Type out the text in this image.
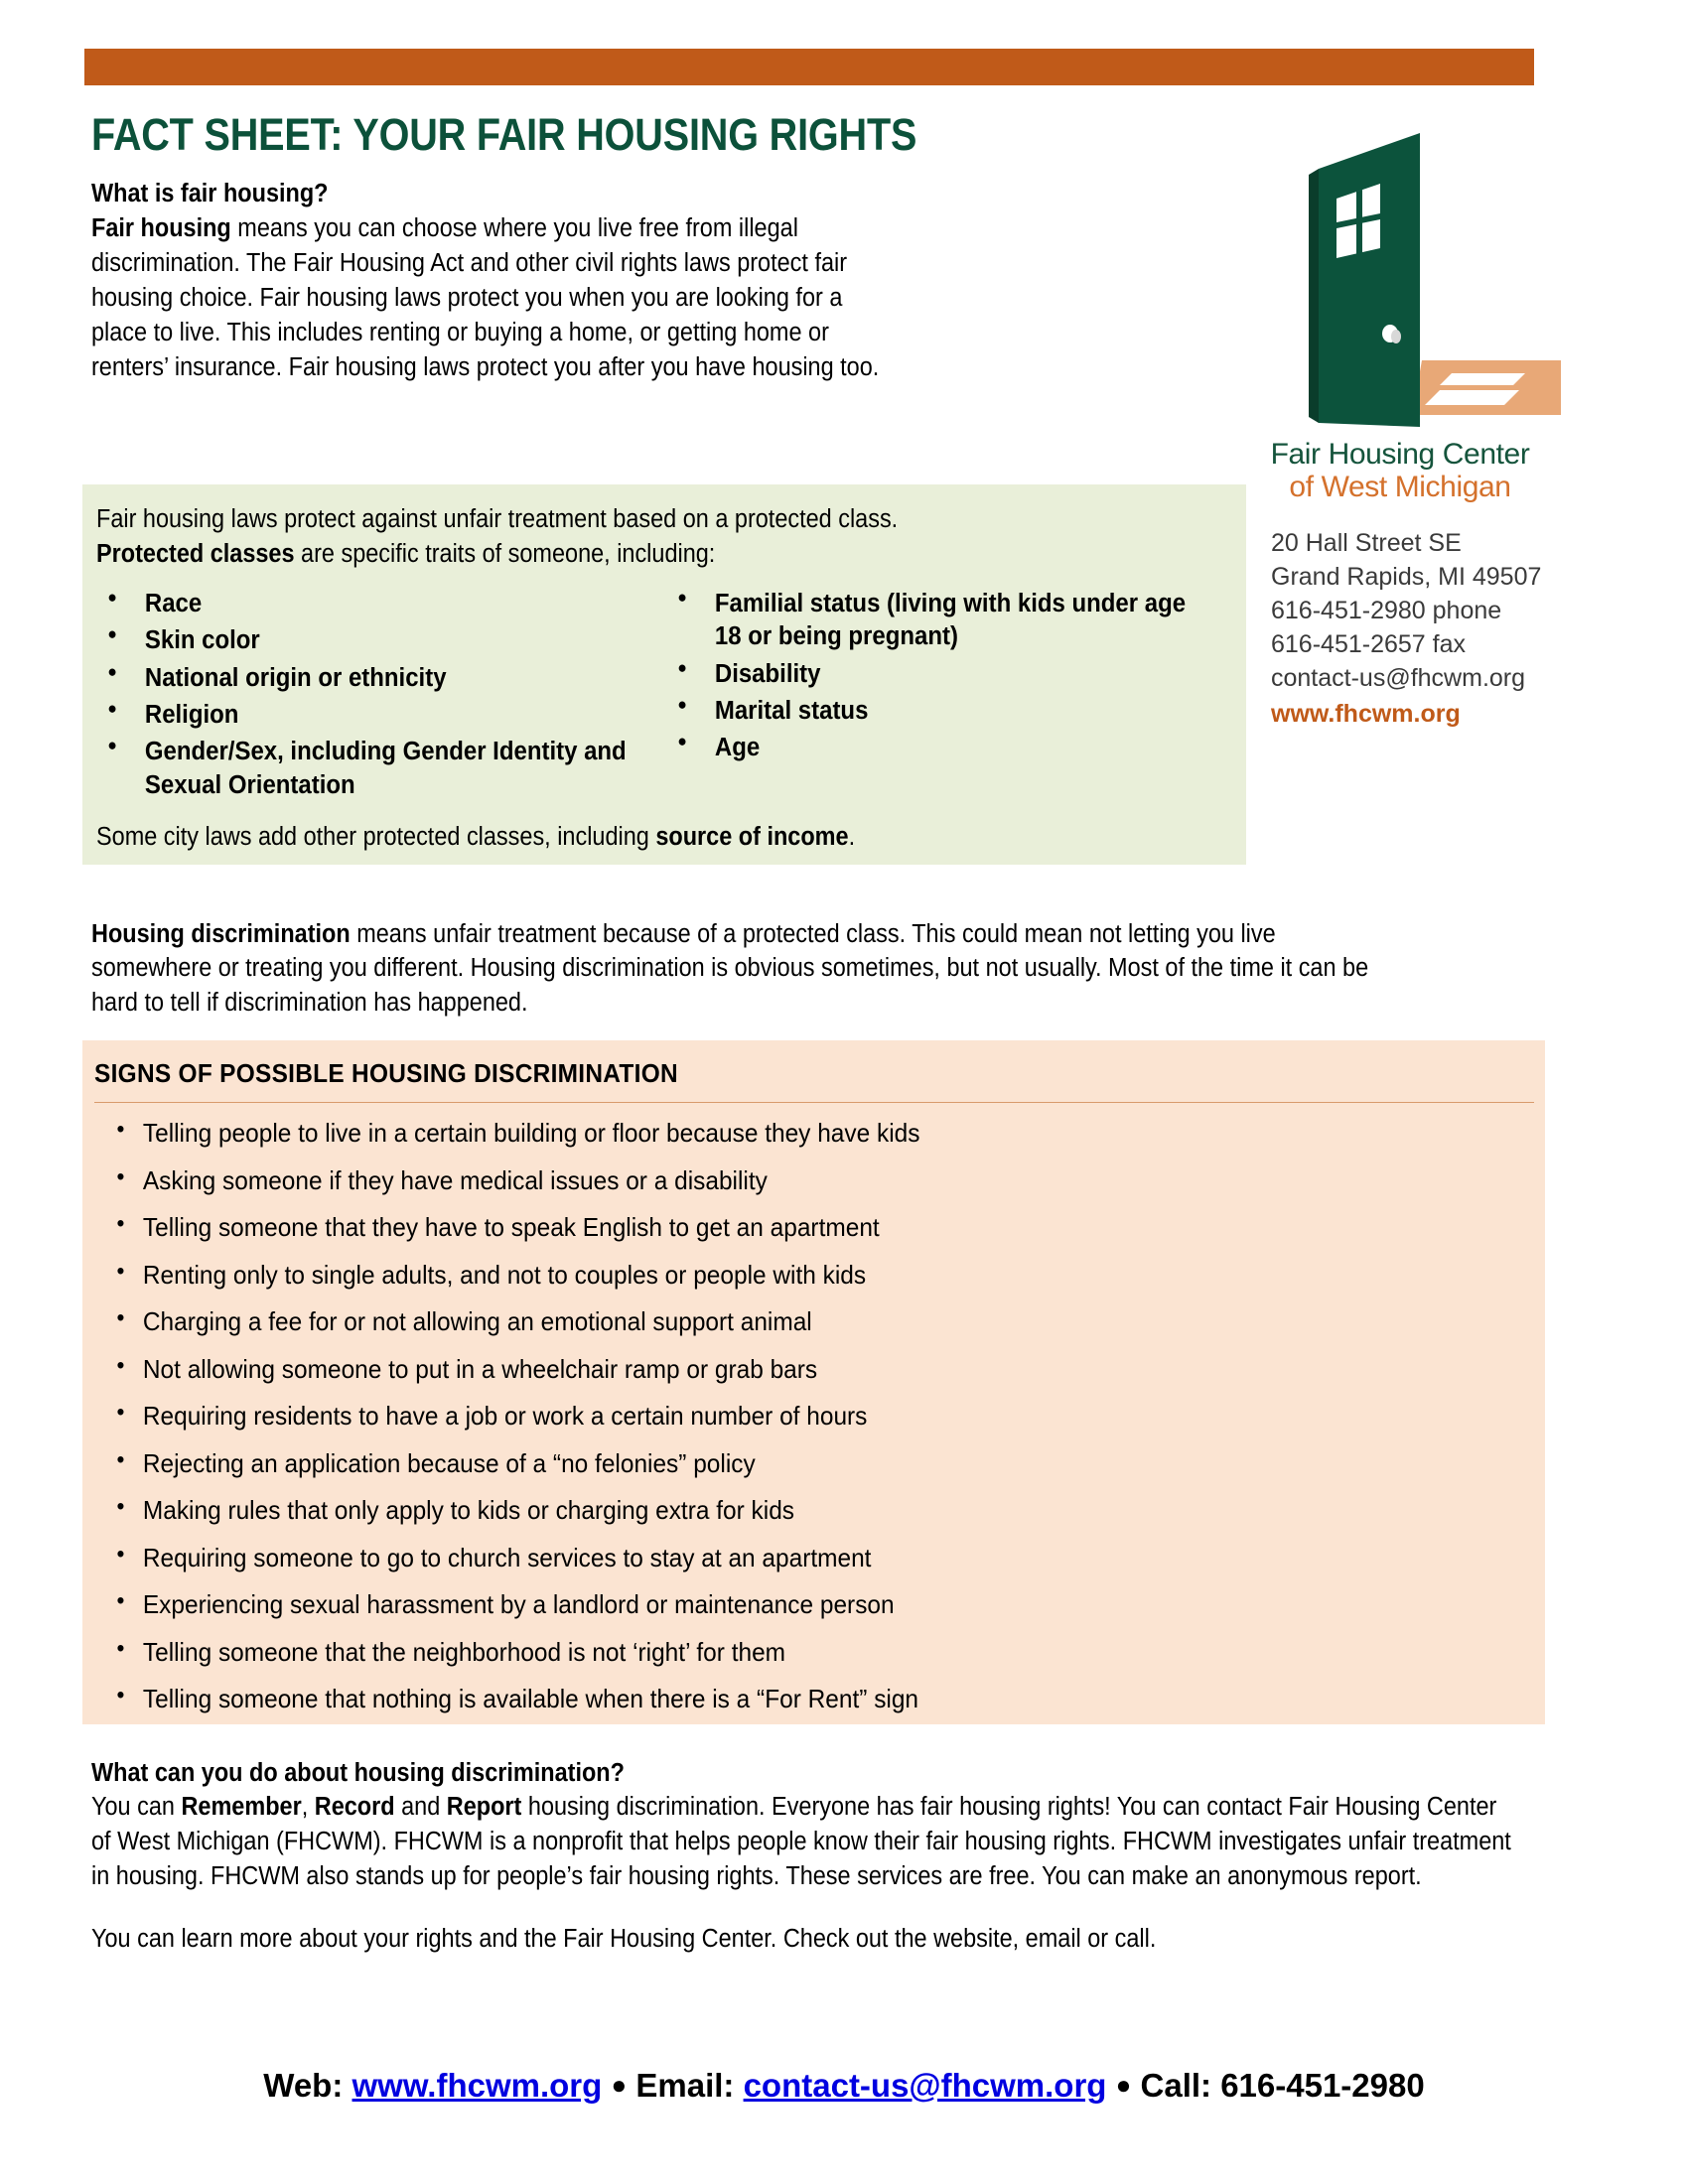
FACT SHEET: YOUR FAIR HOUSING RIGHTS
What is fair housing?

Fair housing means you can choose where you live free from illegal discrimination. The Fair Housing Act and other civil rights laws protect fair housing choice. Fair housing laws protect you when you are looking for a place to live. This includes renting or buying a home, or getting home or renters’ insurance. Fair housing laws protect you after you have housing too.

Fair housing laws protect against unfair treatment based on a protected class.
Protected classes are specific traits of someone, including:
● Race
● Skin color
● National origin or ethnicity
● Religion
● Gender/Sex, including Gender Identity and Sexual Orientation
● Familial status (living with kids under age 18 or being pregnant)
● Disability
● Marital status
● Age
Some city laws add other protected classes, including source of income.

Housing discrimination means unfair treatment because of a protected class. This could mean not letting you live somewhere or treating you different. Housing discrimination is obvious sometimes, but not usually. Most of the time it can be hard to tell if discrimination has happened.

SIGNS OF POSSIBLE HOUSING DISCRIMINATION
• Telling people to live in a certain building or floor because they have kids
• Asking someone if they have medical issues or a disability
• Telling someone that they have to speak English to get an apartment
• Renting only to single adults, and not to couples or people with kids
• Charging a fee for or not allowing an emotional support animal
• Not allowing someone to put in a wheelchair ramp or grab bars
• Requiring residents to have a job or work a certain number of hours
• Rejecting an application because of a “no felonies” policy
• Making rules that only apply to kids or charging extra for kids
• Requiring someone to go to church services to stay at an apartment
• Experiencing sexual harassment by a landlord or maintenance person
• Telling someone that the neighborhood is not ‘right’ for them
• Telling someone that nothing is available when there is a “For Rent” sign
What can you do about housing discrimination?

You can Remember, Record and Report housing discrimination. Everyone has fair housing rights! You can contact Fair Housing Center of West Michigan (FHCWM). FHCWM is a nonprofit that helps people know their fair housing rights. FHCWM investigates unfair treatment in housing. FHCWM also stands up for people’s fair housing rights. These services are free. You can make an anonymous report.

You can learn more about your rights and the Fair Housing Center. Check out the website, email or call.

Web: www.fhcwm.org ● Email: contact-us@fhcwm.org ● Call: 616-451-2980
Fair Housing Center
of West Michigan
20 Hall Street SE
Grand Rapids, MI 49507
616-451-2980 phone
616-451-2657 fax
contact-us@fhcwm.org
www.fhcwm.org
